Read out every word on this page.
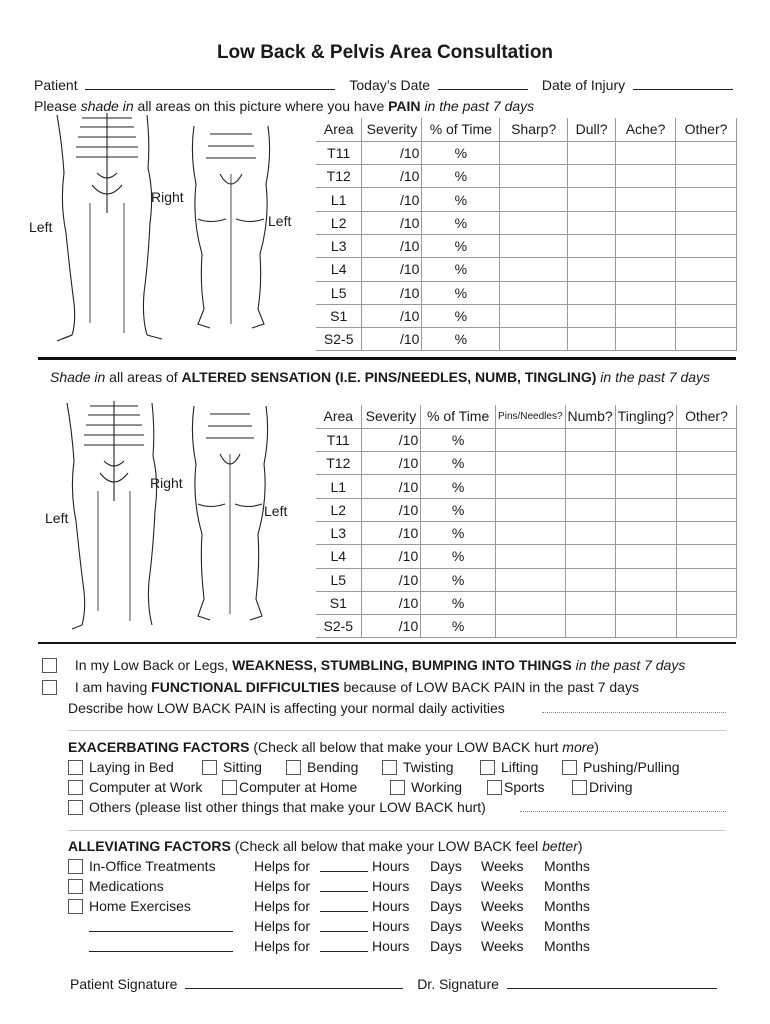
Low Back & Pelvis Area Consultation
Patient	Today’s Date	Date of Injury
Please shade in all areas on this picture where you have PAIN in the past 7 days
Right
Left	Left
Area	Severity	% of Time	Sharp?	Dull?	Ache?	Other?
T11	/10	%				
T12	/10	%				
L1	/10	%				
L2	/10	%				
L3	/10	%				
L4	/10	%				
L5	/10	%				
S1	/10	%				
S2-5	/10	%				
Shade in all areas of ALTERED SENSATION (I.E. PINS/NEEDLES, NUMB, TINGLING) in the past 7 days
Right
Left	Left
Area	Severity	% of Time	Pins/Needles?	Numb?	Tingling?	Other?
T11	/10	%				
T12	/10	%				
L1	/10	%				
L2	/10	%				
L3	/10	%				
L4	/10	%				
L5	/10	%				
S1	/10	%				
S2-5	/10	%				
In my Low Back or Legs, WEAKNESS, STUMBLING, BUMPING INTO THINGS in the past 7 days
I am having FUNCTIONAL DIFFICULTIES because of LOW BACK PAIN in the past 7 days
Describe how LOW BACK PAIN is affecting your normal daily activities
EXACERBATING FACTORS (Check all below that make your LOW BACK hurt more)
Laying in Bed	Sitting	Bending	Twisting	Lifting	Pushing/Pulling
Computer at Work	Computer at Home	Working	Sports	Driving
Others (please list other things that make your LOW BACK hurt)
ALLEVIATING FACTORS (Check all below that make your LOW BACK feel better)
In-Office Treatments	Helps for	Hours Days Weeks Months
Medications	Helps for	Hours Days Weeks Months
Home Exercises	Helps for	Hours Days Weeks Months
Helps for	Hours Days Weeks Months
Helps for	Hours Days Weeks Months
Patient Signature	Dr. Signature
